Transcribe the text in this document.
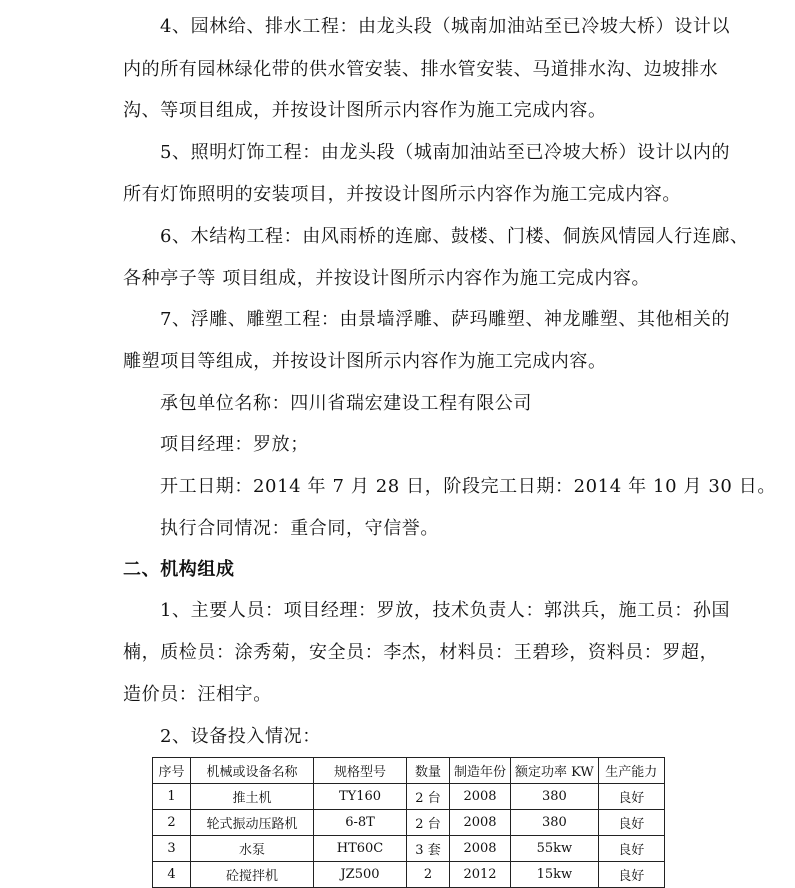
4、园林给、排水工程：由龙头段（城南加油站至已冷坡大桥）设计以
内的所有园林绿化带的供水管安装、排水管安装、马道排水沟、边坡排水
沟、等项目组成，并按设计图所示内容作为施工完成内容。
5、照明灯饰工程：由龙头段（城南加油站至已冷坡大桥）设计以内的
所有灯饰照明的安装项目，并按设计图所示内容作为施工完成内容。
6、木结构工程：由风雨桥的连廊、鼓楼、门楼、侗族风情园人行连廊、
各种亭子等 项目组成，并按设计图所示内容作为施工完成内容。
7、浮雕、雕塑工程：由景墙浮雕、萨玛雕塑、神龙雕塑、其他相关的
雕塑项目等组成，并按设计图所示内容作为施工完成内容。
承包单位名称：四川省瑞宏建设工程有限公司
项目经理：罗放；
开工日期：2014 年 7 月 28 日，阶段完工日期：2014 年 10 月 30 日。
执行合同情况：重合同，守信誉。
二、机构组成
1、主要人员：项目经理：罗放，技术负责人：郭洪兵，施工员：孙国
楠，质检员：涂秀菊，安全员：李杰，材料员：王碧珍，资料员：罗超，
造价员：汪相宇。
2、设备投入情况：
序号	机械或设备名称	规格型号	数量	制造年份	额定功率 KW	生产能力
1	推土机	TY160	2 台	2008	380	良好
2	轮式振动压路机	6-8T	2 台	2008	380	良好
3	水泵	HT60C	3 套	2008	55kw	良好
4	砼搅拌机	JZ500	2	2012	15kw	良好
